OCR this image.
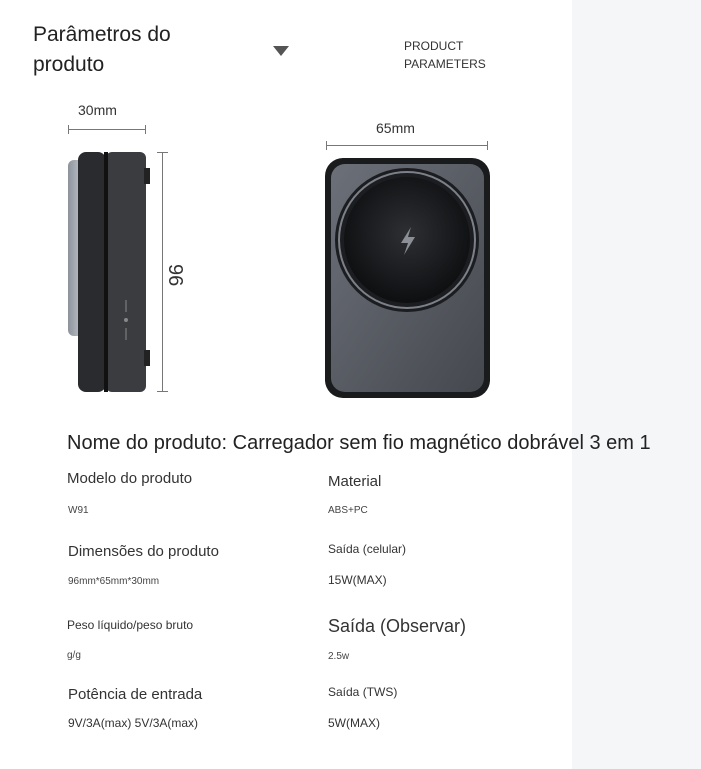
Parâmetros do produto
PRODUCT PARAMETERS
30mm
96
65mm
Nome do produto: Carregador sem fio magnético dobrável 3 em 1
Modelo do produto
W91
Dimensões do produto
96mm*65mm*30mm
Peso líquido/peso bruto
g/g
Potência de entrada
9V/3A(max) 5V/3A(max)
Material
ABS+PC
Saída (celular)
15W(MAX)
Saída (Observar)
2.5w
Saída (TWS)
5W(MAX)
